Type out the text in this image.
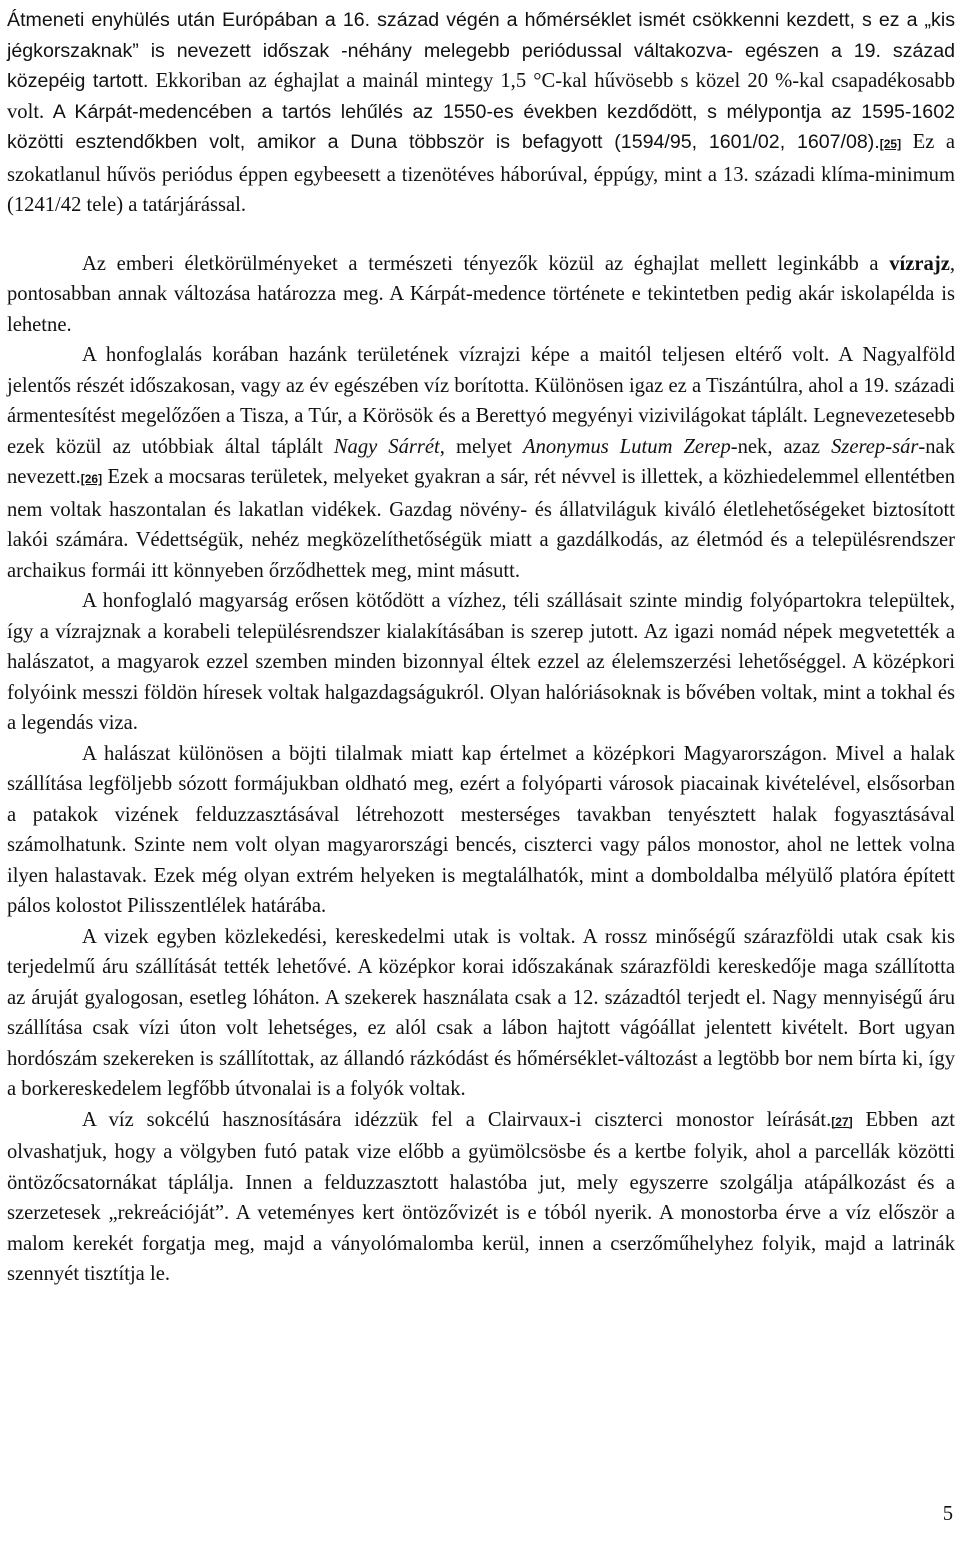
Átmeneti enyhülés után Európában a 16. század végén a hőmérséklet ismét csökkenni kezdett, s ez a „kis jégkorszaknak” is nevezett időszak -néhány melegebb periódussal váltakozva- egészen a 19. század közepéig tartott. Ekkoriban az éghajlat a mainál mintegy 1,5 °C-kal hűvösebb s közel 20 %-kal csapadékosabb volt. A Kárpát-medencében a tartós lehűlés az 1550-es években kezdődött, s mélypontja az 1595-1602 közötti esztendőkben volt, amikor a Duna többször is befagyott (1594/95, 1601/02, 1607/08).[25] Ez a szokatlanul hűvös periódus éppen egybeesett a tizenötéves háborúval, éppúgy, mint a 13. századi klíma-minimum (1241/42 tele) a tatárjárással.

Az emberi életkörülményeket a természeti tényezők közül az éghajlat mellett leginkább a vízrajz, pontosabban annak változása határozza meg. A Kárpát-medence története e tekintetben pedig akár iskolapélda is lehetne.

A honfoglalás korában hazánk területének vízrajzi képe a maitól teljesen eltérő volt. A Nagyalföld jelentős részét időszakosan, vagy az év egészében víz borította. Különösen igaz ez a Tiszántúlra, ahol a 19. századi ármentesítést megelőzően a Tisza, a Túr, a Körösök és a Berettyó megyényi vizivilágokat táplált. Legnevezetesebb ezek közül az utóbbiak által táplált Nagy Sárrét, melyet Anonymus Lutum Zerep-nek, azaz Szerep-sár-nak nevezett.[26] Ezek a mocsaras területek, melyeket gyakran a sár, rét névvel is illettek, a közhiedelemmel ellentétben nem voltak haszontalan és lakatlan vidékek. Gazdag növény- és állatviláguk kiváló életlehetőségeket biztosított lakói számára. Védettségük, nehéz megközelíthetőségük miatt a gazdálkodás, az életmód és a településrendszer archaikus formái itt könnyeben őrződhettek meg, mint másutt.

A honfoglaló magyarság erősen kötődött a vízhez, téli szállásait szinte mindig folyópartokra települtek, így a vízrajznak a korabeli településrendszer kialakításában is szerep jutott. Az igazi nomád népek megvetették a halászatot, a magyarok ezzel szemben minden bizonnyal éltek ezzel az élelemszerzési lehetőséggel. A középkori folyóink messzi földön híresek voltak halgazdagságukról. Olyan halóriásoknak is bővében voltak, mint a tokhal és a legendás viza.

A halászat különösen a böjti tilalmak miatt kap értelmet a középkori Magyarországon. Mivel a halak szállítása legföljebb sózott formájukban oldható meg, ezért a folyóparti városok piacainak kivételével, elsősorban a patakok vizének felduzzasztásával létrehozott mesterséges tavakban tenyésztett halak fogyasztásával számolhatunk. Szinte nem volt olyan magyarországi bencés, ciszterci vagy pálos monostor, ahol ne lettek volna ilyen halastavak. Ezek még olyan extrém helyeken is megtalálhatók, mint a domboldalba mélyülő platóra épített pálos kolostot Pilisszentlélek határába.

A vizek egyben közlekedési, kereskedelmi utak is voltak. A rossz minőségű szárazföldi utak csak kis terjedelmű áru szállítását tették lehetővé. A középkor korai időszakának szárazföldi kereskedője maga szállította az áruját gyalogosan, esetleg lóháton. A szekerek használata csak a 12. századtól terjedt el. Nagy mennyiségű áru szállítása csak vízi úton volt lehetséges, ez alól csak a lábon hajtott vágóállat jelentett kivételt. Bort ugyan hordószám szekereken is szállítottak, az állandó rázkódást és hőmérséklet-változást a legtöbb bor nem bírta ki, így a borkereskedelem legfőbb útvonalai is a folyók voltak.

A víz sokcélú hasznosítására idézzük fel a Clairvaux-i ciszterci monostor leírását.[27] Ebben azt olvashatjuk, hogy a völgyben futó patak vize előbb a gyümölcsösbe és a kertbe folyik, ahol a parcellák közötti öntözőcsatornákat táplálja. Innen a felduzzasztott halastóba jut, mely egyszerre szolgálja atápálkozást és a szerzetesek „rekreációját”. A veteményes kert öntözővizét is e tóból nyerik. A monostorba érve a víz először a malom kerekét forgatja meg, majd a ványolómalomba kerül, innen a cserzőműhelyhez folyik, majd a latrinák szennyét tisztítja le.

5
